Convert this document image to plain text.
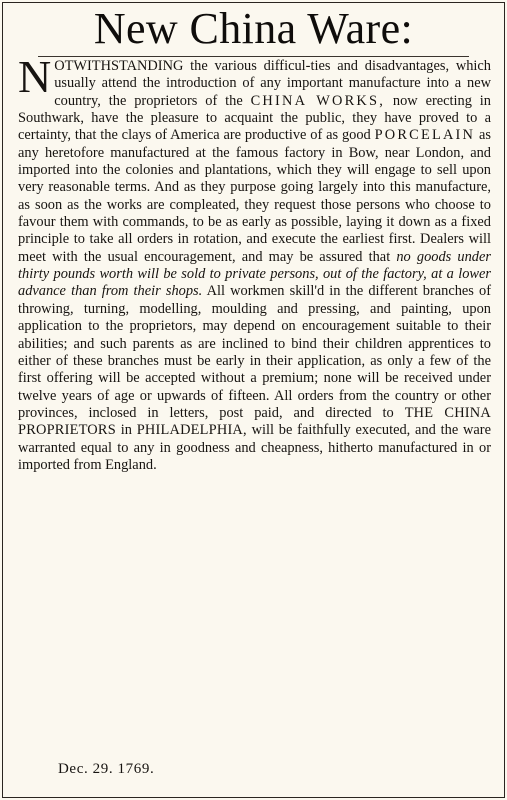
New China Ware:

NOTWITHSTANDING the various difficul-ties and disadvantages, which usually attend the introduction of any important manufacture into a new country, the proprietors of the CHINA WORKS, now erecting in Southwark, have the pleasure to acquaint the public, they have proved to a certainty, that the clays of America are productive of as good PORCELAIN as any heretofore manufactured at the famous factory in Bow, near London, and imported into the colonies and plantations, which they will engage to sell upon very reasonable terms. And as they purpose going largely into this manufacture, as soon as the works are compleated, they request those persons who choose to favour them with commands, to be as early as possible, laying it down as a fixed principle to take all orders in rotation, and execute the earliest first. Dealers will meet with the usual encouragement, and may be assured that no goods under thirty pounds worth will be sold to private persons, out of the factory, at a lower advance than from their shops. All workmen skill'd in the different branches of throwing, turning, modelling, moulding and pressing, and painting, upon application to the proprietors, may depend on encouragement suitable to their abilities; and such parents as are inclined to bind their children apprentices to either of these branches must be early in their application, as only a few of the first offering will be accepted without a premium; none will be received under twelve years of age or upwards of fifteen. All orders from the country or other provinces, inclosed in letters, post paid, and directed to THE CHINA PROPRIETORS in PHILADELPHIA, will be faithfully executed, and the ware warranted equal to any in goodness and cheapness, hitherto manufactured in or imported from England.

Dec. 29. 1769.
